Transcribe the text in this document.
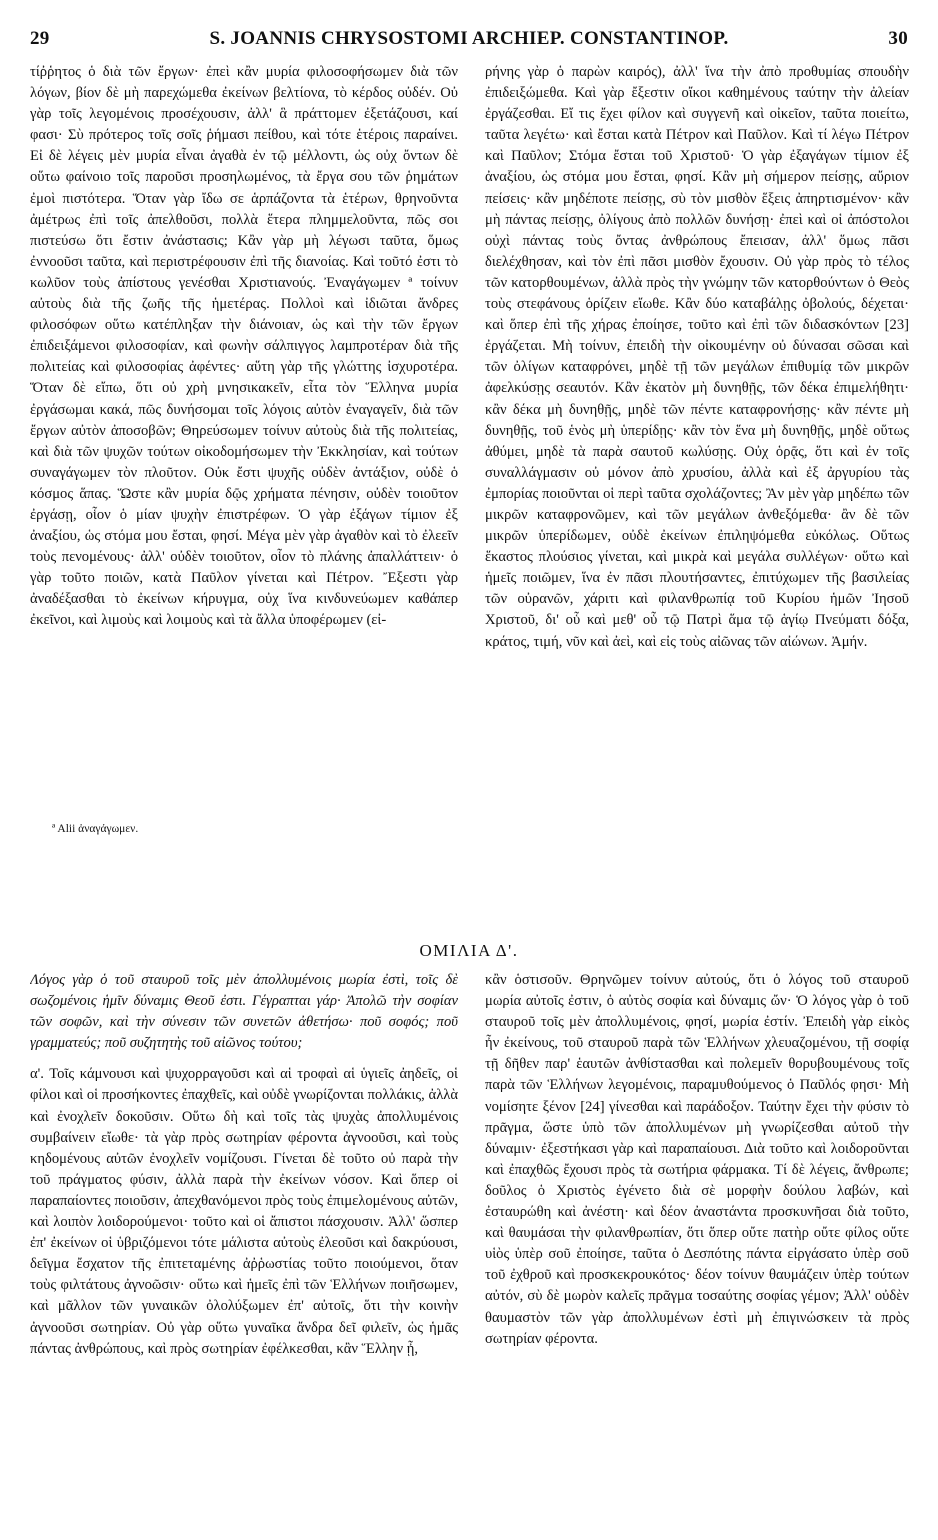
29	S. JOANNIS CHRYSOSTOMI ARCHIEP. CONSTANTINOP.	30

τίῤῥητος ὁ διὰ τῶν ἔργων· ἐπεὶ κἂν μυρία φιλοσοφήσωμεν διὰ τῶν λόγων, βίον δὲ μὴ παρεχώμεθα ἐκείνων βελτίονα, τὸ κέρδος οὐδέν. Οὐ γὰρ τοῖς λεγομένοις προσέχουσιν, ἀλλ' ἃ πράττομεν ἐξετάζουσι, καί φασι· Σὺ πρότερος τοῖς σοῖς ῥήμασι πείθου, καὶ τότε ἑτέροις παραίνει. Εἰ δὲ λέγεις μὲν μυρία εἶναι ἀγαθὰ ἐν τῷ μέλλοντι, ὡς οὐχ ὄντων δὲ οὕτω φαίνοιο τοῖς παροῦσι προσηλωμένος, τὰ ἔργα σου τῶν ῥημάτων ἐμοὶ πιστότερα. Ὅταν γὰρ ἴδω σε ἁρπάζοντα τὰ ἑτέρων, θρηνοῦντα ἀμέτρως ἐπὶ τοῖς ἀπελθοῦσι, πολλὰ ἕτερα πλημμελοῦντα, πῶς σοι πιστεύσω ὅτι ἔστιν ἀνάστασις; Κἂν γὰρ μὴ λέγωσι ταῦτα, ὅμως ἐννοοῦσι ταῦτα, καὶ περιστρέφουσιν ἐπὶ τῆς διανοίας. Καὶ τοῦτό ἐστι τὸ κωλῦον τοὺς ἀπίστους γενέσθαι Χριστιανούς. Ἐναγάγωμεν ª τοίνυν αὐτοὺς διὰ τῆς ζωῆς τῆς ἡμετέρας. Πολλοὶ καὶ ἰδιῶται ἄνδρες φιλοσόφων οὕτω κατέπληξαν τὴν διάνοιαν, ὡς καὶ τὴν τῶν ἔργων ἐπιδειξάμενοι φιλοσοφίαν, καὶ φωνὴν σάλπιγγος λαμπροτέραν διὰ τῆς πολιτείας καὶ φιλοσοφίας ἀφέντες· αὕτη γὰρ τῆς γλώττης ἰσχυροτέρα. Ὅταν δὲ εἴπω, ὅτι οὐ χρὴ μνησικακεῖν, εἶτα τὸν Ἕλληνα μυρία ἐργάσωμαι κακά, πῶς δυνήσομαι τοῖς λόγοις αὐτὸν ἐναγαγεῖν, διὰ τῶν ἔργων αὐτὸν ἀποσοβῶν; Θηρεύσωμεν τοίνυν αὐτοὺς διὰ τῆς πολιτείας, καὶ διὰ τῶν ψυχῶν τούτων οἰκοδομήσωμεν τὴν Ἐκκλησίαν, καὶ τούτων συναγάγωμεν τὸν πλοῦτον. Οὐκ ἔστι ψυχῆς οὐδὲν ἀντάξιον, οὐδὲ ὁ κόσμος ἅπας. Ὥστε κἂν μυρία δῷς χρήματα πένησιν, οὐδὲν τοιοῦτον ἐργάσῃ, οἷον ὁ μίαν ψυχὴν ἐπιστρέφων. Ὁ γὰρ ἐξάγων τίμιον ἐξ ἀναξίου, ὡς στόμα μου ἔσται, φησί. Μέγα μὲν γὰρ ἀγαθὸν καὶ τὸ ἐλεεῖν τοὺς πενομένους· ἀλλ' οὐδὲν τοιοῦτον, οἷον τὸ πλάνης ἀπαλλάττειν· ὁ γὰρ τοῦτο ποιῶν, κατὰ Παῦλον γίνεται καὶ Πέτρον. Ἔξεστι γὰρ ἀναδέξασθαι τὸ ἐκείνων κήρυγμα, οὐχ ἵνα κινδυνεύωμεν καθάπερ ἐκεῖνοι, καὶ λιμοὺς καὶ λοιμοὺς καὶ τὰ ἄλλα ὑποφέρωμεν (εἰ-

ρήνης γὰρ ὁ παρὼν καιρός), ἀλλ' ἵνα τὴν ἀπὸ προθυμίας σπουδὴν ἐπιδειξώμεθα. Καὶ γὰρ ἔξεστιν οἴκοι καθημένους ταύτην τὴν ἀλείαν ἐργάζεσθαι. Εἴ τις ἔχει φίλον καὶ συγγενῆ καὶ οἰκεῖον, ταῦτα ποιείτω, ταῦτα λεγέτω· καὶ ἔσται κατὰ Πέτρον καὶ Παῦλον. Καὶ τί λέγω Πέτρον καὶ Παῦλον; Στόμα ἔσται τοῦ Χριστοῦ· Ὁ γὰρ ἐξαγάγων τίμιον ἐξ ἀναξίου, ὡς στόμα μου ἔσται, φησί. Κἂν μὴ σήμερον πείσῃς, αὔριον πείσεις· κἂν μηδέποτε πείσῃς, σὺ τὸν μισθὸν ἕξεις ἀπηρτισμένον· κἂν μὴ πάντας πείσῃς, ὀλίγους ἀπὸ πολλῶν δυνήσῃ· ἐπεὶ καὶ οἱ ἀπόστολοι οὐχὶ πάντας τοὺς ὄντας ἀνθρώπους ἔπεισαν, ἀλλ' ὅμως πᾶσι διελέχθησαν, καὶ τὸν ἐπὶ πᾶσι μισθὸν ἔχουσιν. Οὐ γὰρ πρὸς τὸ τέλος τῶν κατορθουμένων, ἀλλὰ πρὸς τὴν γνώμην τῶν κατορθούντων ὁ Θεὸς τοὺς στεφάνους ὁρίζειν εἴωθε. Κἂν δύο καταβάλῃς ὀβολούς, δέχεται· καὶ ὅπερ ἐπὶ τῆς χήρας ἐποίησε, τοῦτο καὶ ἐπὶ τῶν διδασκόντων [23] ἐργάζεται. Μὴ τοίνυν, ἐπειδὴ τὴν οἰκουμένην οὐ δύνασαι σῶσαι καὶ τῶν ὀλίγων καταφρόνει, μηδὲ τῇ τῶν μεγάλων ἐπιθυμίᾳ τῶν μικρῶν ἀφελκύσῃς σεαυτόν. Κἂν ἑκατὸν μὴ δυνηθῇς, τῶν δέκα ἐπιμελήθητι· κἂν δέκα μὴ δυνηθῇς, μηδὲ τῶν πέντε καταφρονήσῃς· κἂν πέντε μὴ δυνηθῇς, τοῦ ἑνὸς μὴ ὑπερίδῃς· κἂν τὸν ἕνα μὴ δυνηθῇς, μηδὲ οὕτως ἀθύμει, μηδὲ τὰ παρὰ σαυτοῦ κωλύσῃς. Οὐχ ὁρᾷς, ὅτι καὶ ἐν τοῖς συναλλάγμασιν οὐ μόνον ἀπὸ χρυσίου, ἀλλὰ καὶ ἐξ ἀργυρίου τὰς ἐμπορίας ποιοῦνται οἱ περὶ ταῦτα σχολάζοντες; Ἂν μὲν γὰρ μηδέπω τῶν μικρῶν καταφρονῶμεν, καὶ τῶν μεγάλων ἀνθεξόμεθα· ἂν δὲ τῶν μικρῶν ὑπερίδωμεν, οὐδὲ ἐκείνων ἐπιληψόμεθα εὐκόλως. Οὕτως ἕκαστος πλούσιος γίνεται, καὶ μικρὰ καὶ μεγάλα συλλέγων· οὕτω καὶ ἡμεῖς ποιῶμεν, ἵνα ἐν πᾶσι πλουτήσαντες, ἐπιτύχωμεν τῆς βασιλείας τῶν οὐρανῶν, χάριτι καὶ φιλανθρωπίᾳ τοῦ Κυρίου ἡμῶν Ἰησοῦ Χριστοῦ, δι' οὗ καὶ μεθ' οὗ τῷ Πατρὶ ἅμα τῷ ἁγίῳ Πνεύματι δόξα, κράτος, τιμή, νῦν καὶ ἀεὶ, καὶ εἰς τοὺς αἰῶνας τῶν αἰώνων. Ἀμήν.

ª Alii ἀναγάγωμεν.
ΟΜΙΛΙΑ Δ'.

Λόγος γὰρ ὁ τοῦ σταυροῦ τοῖς μὲν ἀπολλυμένοις μωρία ἐστὶ, τοῖς δὲ σωζομένοις ἡμῖν δύναμις Θεοῦ ἐστι. Γέγραπται γάρ· Ἀπολῶ τὴν σοφίαν τῶν σοφῶν, καὶ τὴν σύνεσιν τῶν συνετῶν ἀθετήσω· ποῦ σοφός; ποῦ γραμματεύς; ποῦ συζητητὴς τοῦ αἰῶνος τούτου;

α'. Τοῖς κάμνουσι καὶ ψυχορραγοῦσι καὶ αἱ τροφαὶ αἱ ὑγιεῖς ἀηδεῖς, οἱ φίλοι καὶ οἱ προσήκοντες ἐπαχθεῖς, καὶ οὐδὲ γνωρίζονται πολλάκις, ἀλλὰ καὶ ἐνοχλεῖν δοκοῦσιν. Οὕτω δὴ καὶ τοῖς τὰς ψυχὰς ἀπολλυμένοις συμβαίνειν εἴωθε· τὰ γὰρ πρὸς σωτηρίαν φέροντα ἀγνοοῦσι, καὶ τοὺς κηδομένους αὐτῶν ἐνοχλεῖν νομίζουσι. Γίνεται δὲ τοῦτο οὐ παρὰ τὴν τοῦ πράγματος φύσιν, ἀλλὰ παρὰ τὴν ἐκείνων νόσον. Καὶ ὅπερ οἱ παραπαίοντες ποιοῦσιν, ἀπεχθανόμενοι πρὸς τοὺς ἐπιμελομένους αὐτῶν, καὶ λοιπὸν λοιδορούμενοι· τοῦτο καὶ οἱ ἄπιστοι πάσχουσιν. Ἀλλ' ὥσπερ ἐπ' ἐκείνων οἱ ὑβριζόμενοι τότε μάλιστα αὐτοὺς ἐλεοῦσι καὶ δακρύουσι, δεῖγμα ἔσχατον τῆς ἐπιτεταμένης ἀῤῥωστίας τοῦτο ποιούμενοι, ὅταν τοὺς φιλτάτους ἀγνοῶσιν· οὕτω καὶ ἡμεῖς ἐπὶ τῶν Ἑλλήνων ποιῆσωμεν, καὶ μᾶλλον τῶν γυναικῶν ὀλολύξωμεν ἐπ' αὐτοῖς, ὅτι τὴν κοινὴν ἀγνοοῦσι σωτηρίαν. Οὐ γὰρ οὕτω γυναῖκα ἄνδρα δεῖ φιλεῖν, ὡς ἡμᾶς πάντας ἀνθρώπους, καὶ πρὸς σωτηρίαν ἐφέλκεσθαι, κἂν Ἕλλην ᾖ,

κἂν ὁστισοῦν. Θρηνῶμεν τοίνυν αὐτούς, ὅτι ὁ λόγος τοῦ σταυροῦ μωρία αὐτοῖς ἐστιν, ὁ αὐτὸς σοφία καὶ δύναμις ὤν· Ὁ λόγος γὰρ ὁ τοῦ σταυροῦ τοῖς μὲν ἀπολλυμένοις, φησί, μωρία ἐστίν. Ἐπειδὴ γὰρ εἰκὸς ἦν ἐκείνους, τοῦ σταυροῦ παρὰ τῶν Ἑλλήνων χλευαζομένου, τῇ σοφίᾳ τῇ δῆθεν παρ' ἑαυτῶν ἀνθίστασθαι καὶ πολεμεῖν θορυβουμένους τοῖς παρὰ τῶν Ἑλλήνων λεγομένοις, παραμυθούμενος ὁ Παῦλός φησι· Μὴ νομίσητε ξένον [24] γίνεσθαι καὶ παράδοξον. Ταύτην ἔχει τὴν φύσιν τὸ πρᾶγμα, ὥστε ὑπὸ τῶν ἀπολλυμένων μὴ γνωρίζεσθαι αὐτοῦ τὴν δύναμιν· ἐξεστήκασι γὰρ καὶ παραπαίουσι. Διὰ τοῦτο καὶ λοιδοροῦνται καὶ ἐπαχθῶς ἔχουσι πρὸς τὰ σωτήρια φάρμακα. Τί δὲ λέγεις, ἄνθρωπε; δοῦλος ὁ Χριστὸς ἐγένετο διὰ σὲ μορφὴν δούλου λαβών, καὶ ἐσταυρώθη καὶ ἀνέστη· καὶ δέον ἀναστάντα προσκυνῆσαι διὰ τοῦτο, καὶ θαυμάσαι τὴν φιλανθρωπίαν, ὅτι ὅπερ οὔτε πατὴρ οὔτε φίλος οὔτε υἱὸς ὑπὲρ σοῦ ἐποίησε, ταῦτα ὁ Δεσπότης πάντα εἰργάσατο ὑπὲρ σοῦ τοῦ ἐχθροῦ καὶ προσκεκρουκότος· δέον τοίνυν θαυμάζειν ὑπὲρ τούτων αὐτόν, σὺ δὲ μωρὸν καλεῖς πρᾶγμα τοσαύτης σοφίας γέμον; Ἀλλ' οὐδὲν θαυμαστὸν τῶν γὰρ ἀπολλυμένων ἐστὶ μὴ ἐπιγινώσκειν τὰ πρὸς σωτηρίαν φέροντα.
